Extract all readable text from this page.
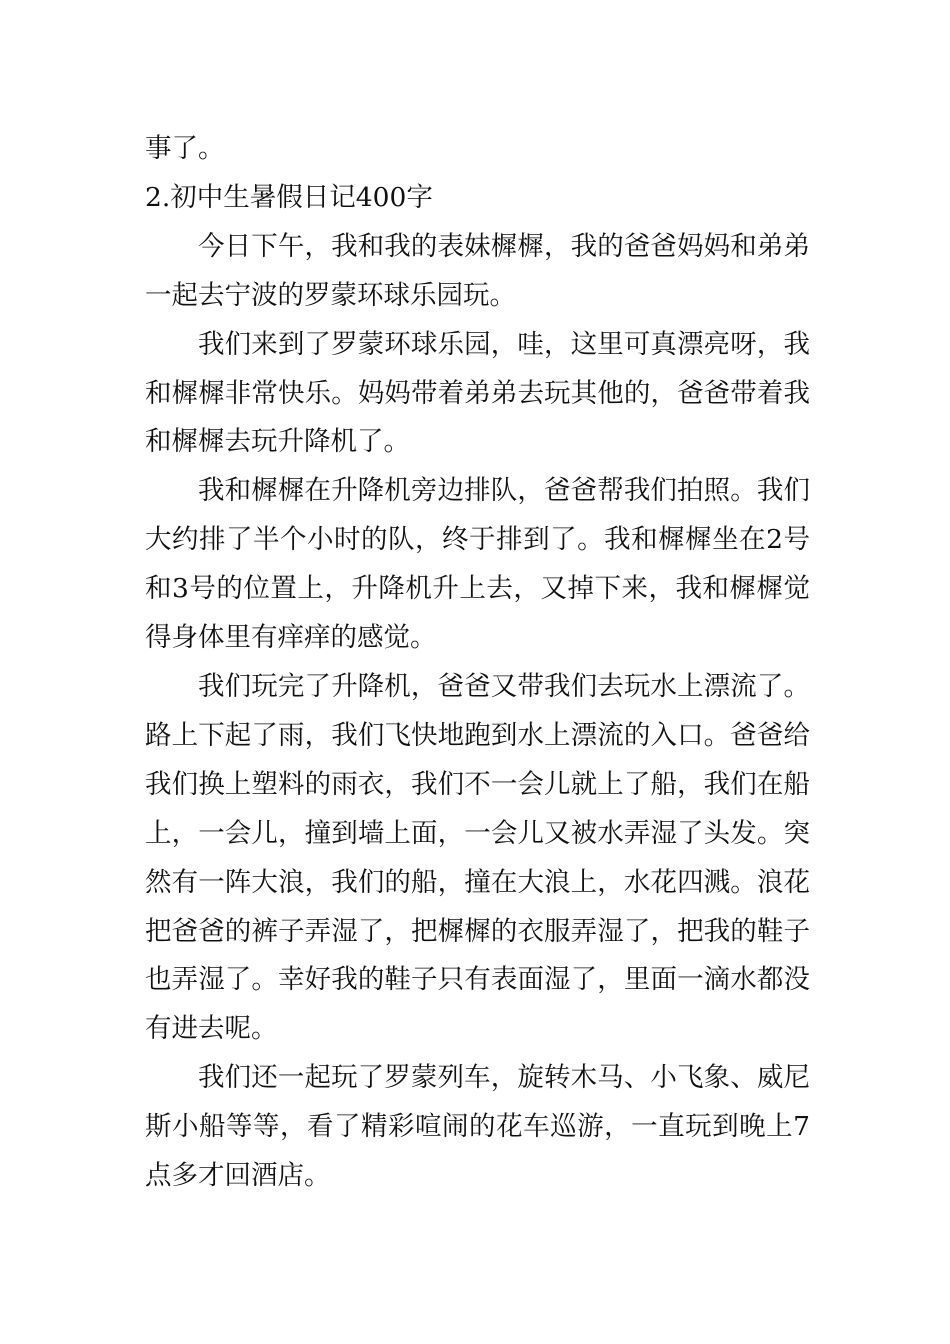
事了。

2.初中生暑假日记400字

今日下午，我和我的表妹樨樨，我的爸爸妈妈和弟弟一起去宁波的罗蒙环球乐园玩。

我们来到了罗蒙环球乐园，哇，这里可真漂亮呀，我和樨樨非常快乐。妈妈带着弟弟去玩其他的，爸爸带着我和樨樨去玩升降机了。

我和樨樨在升降机旁边排队，爸爸帮我们拍照。我们大约排了半个小时的队，终于排到了。我和樨樨坐在2号和3号的位置上，升降机升上去，又掉下来，我和樨樨觉得身体里有痒痒的感觉。

我们玩完了升降机，爸爸又带我们去玩水上漂流了。路上下起了雨，我们飞快地跑到水上漂流的入口。爸爸给我们换上塑料的雨衣，我们不一会儿就上了船，我们在船上，一会儿，撞到墙上面，一会儿又被水弄湿了头发。突然有一阵大浪，我们的船，撞在大浪上，水花四溅。浪花把爸爸的裤子弄湿了，把樨樨的衣服弄湿了，把我的鞋子也弄湿了。幸好我的鞋子只有表面湿了，里面一滴水都没有进去呢。

我们还一起玩了罗蒙列车，旋转木马、小飞象、威尼斯小船等等，看了精彩喧闹的花车巡游，一直玩到晚上7点多才回酒店。
